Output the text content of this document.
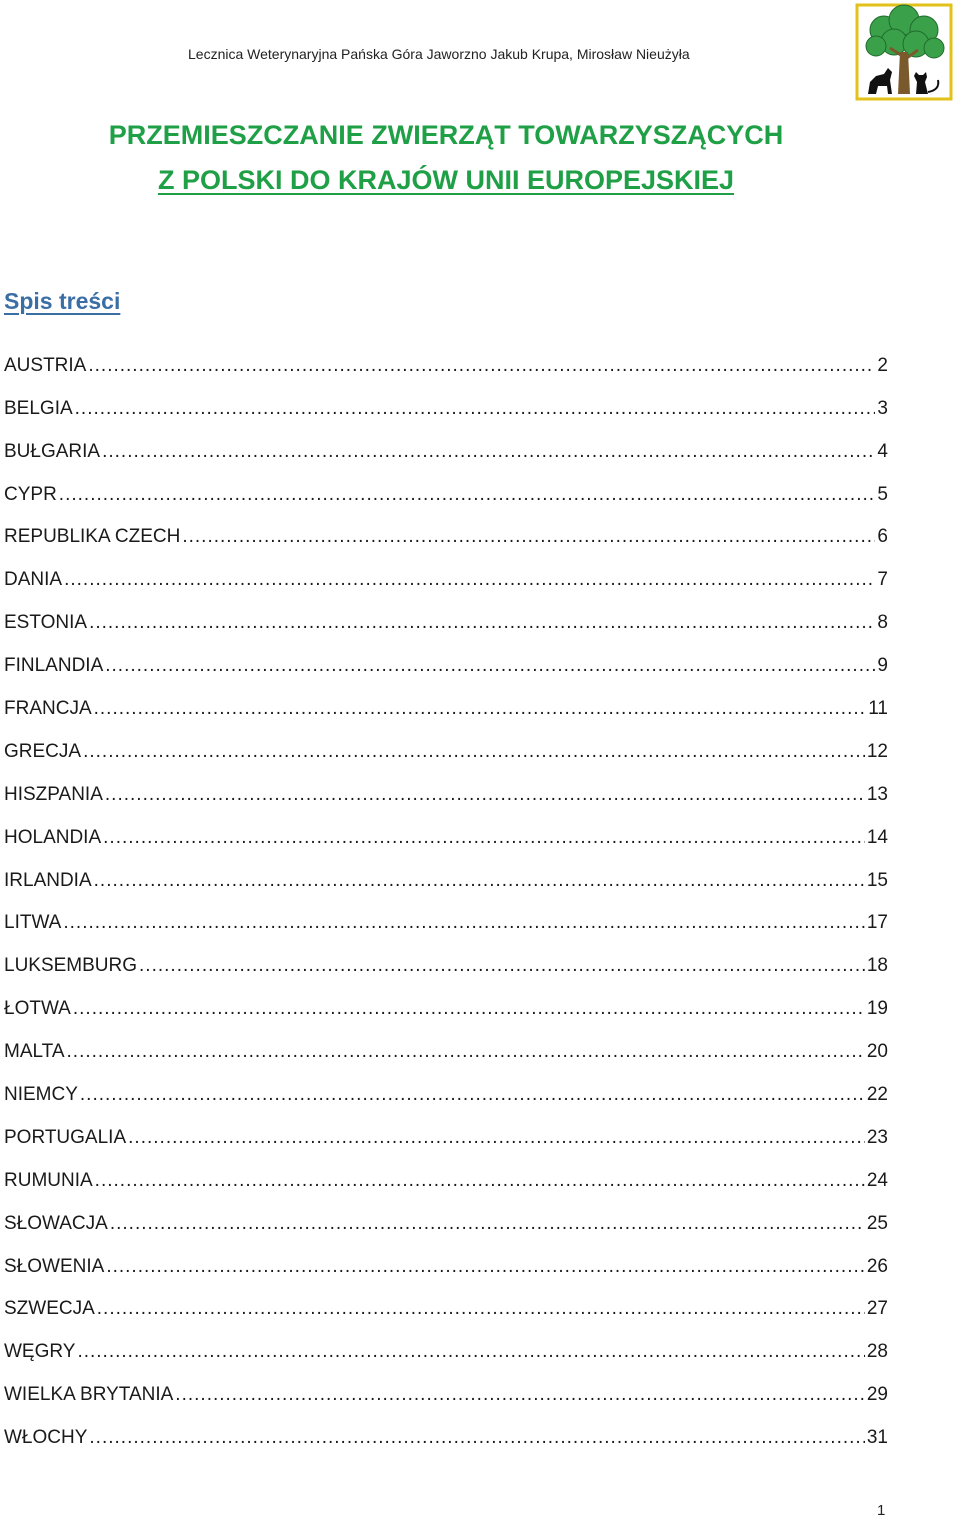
Lecznica Weterynaryjna Pańska Góra Jaworzno Jakub Krupa, Mirosław Nieużyła
PRZEMIESZCZANIE ZWIERZĄT TOWARZYSZĄCYCH
Z POLSKI DO KRAJÓW UNII EUROPEJSKIEJ
Spis treści
AUSTRIA .....	2
BELGIA .....	3
BUŁGARIA .....	4
CYPR .....	5
REPUBLIKA CZECH .....	6
DANIA .....	7
ESTONIA .....	8
FINLANDIA .....	9
FRANCJA .....	11
GRECJA .....	12
HISZPANIA .....	13
HOLANDIA .....	14
IRLANDIA .....	15
LITWA .....	17
LUKSEMBURG .....	18
ŁOTWA .....	19
MALTA .....	20
NIEMCY .....	22
PORTUGALIA .....	23
RUMUNIA .....	24
SŁOWACJA .....	25
SŁOWENIA .....	26
SZWECJA .....	27
WĘGRY .....	28
WIELKA BRYTANIA .....	29
WŁOCHY .....	31
1
